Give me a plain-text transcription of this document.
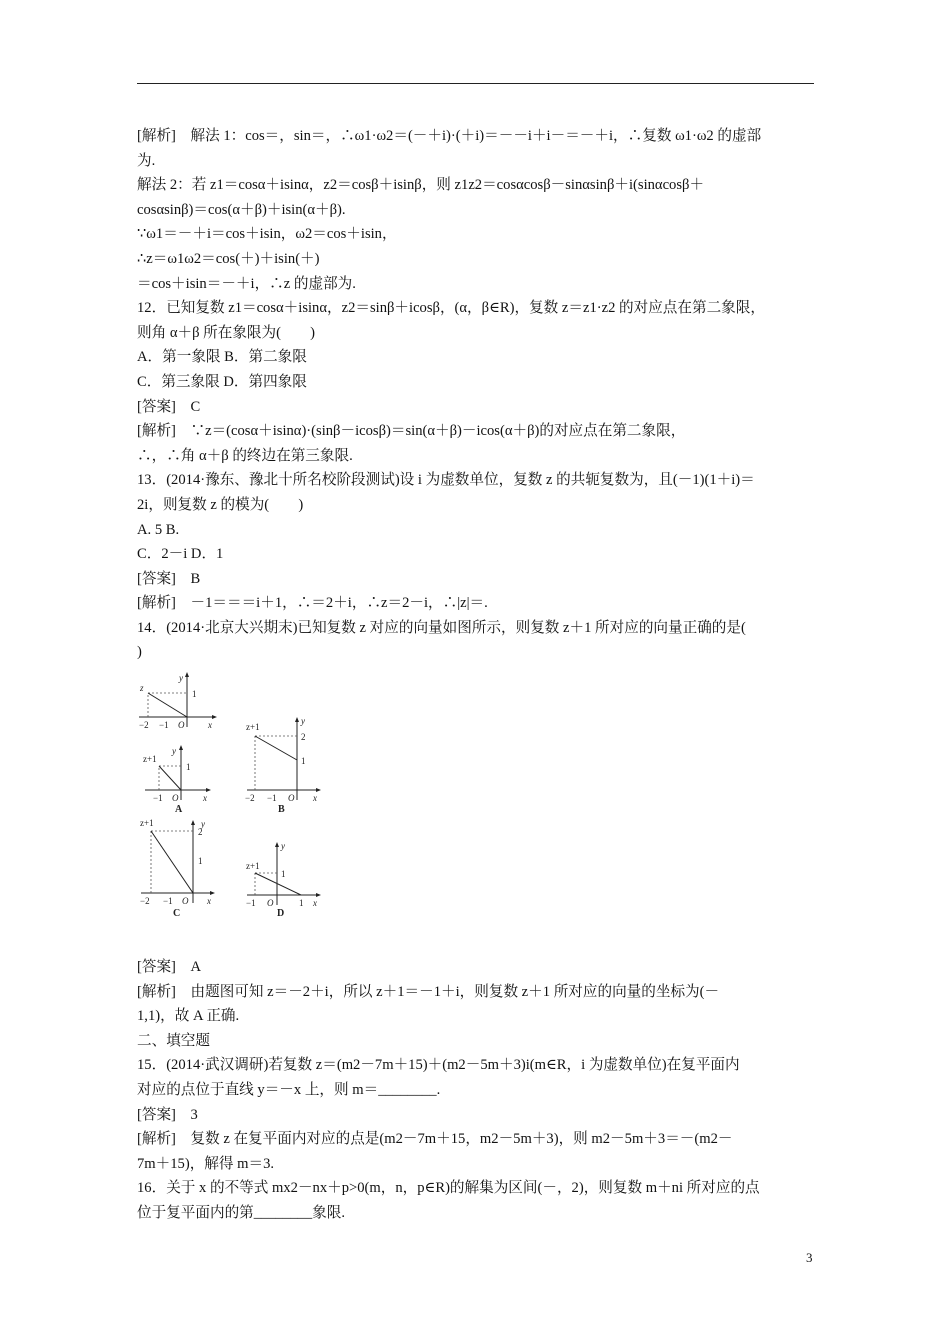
[解析]　解法 1：cos＝，sin＝，∴ω1·ω2＝(－＋i)·(＋i)＝－－i＋i－＝－＋i，∴复数 ω1·ω2 的虚部

为.

解法 2：若 z1＝cosα＋isinα，z2＝cosβ＋isinβ，则 z1z2＝cosαcosβ－sinαsinβ＋i(sinαcosβ＋

cosαsinβ)＝cos(α＋β)＋isin(α＋β).

∵ω1＝－＋i＝cos＋isin，ω2＝cos＋isin，

∴z＝ω1ω2＝cos(＋)＋isin(＋)

＝cos＋isin＝－＋i，∴z 的虚部为.

12．已知复数 z1＝cosα＋isinα，z2＝sinβ＋icosβ，(α，β∈R)，复数 z＝z1·z2 的对应点在第二象限，

则角 α＋β 所在象限为(　　)

A．第一象限 B．第二象限

C．第三象限 D．第四象限

[答案]　C

[解析]　∵z＝(cosα＋isinα)·(sinβ－icosβ)＝sin(α＋β)－icos(α＋β)的对应点在第二象限，

∴，∴角 α＋β 的终边在第三象限.

13．(2014·豫东、豫北十所名校阶段测试)设 i 为虚数单位，复数 z 的共轭复数为，且(－1)(1＋i)＝

2i，则复数 z 的模为(　　)

A. 5 B.

C．2－i D．1

[答案]　B

[解析]　－1＝＝＝i＋1，∴＝2＋i，∴z＝2－i，∴|z|＝.

14．(2014·北京大兴期末)已知复数 z 对应的向量如图所示，则复数 z＋1 所对应的向量正确的是(

)

z
y
1
x
−2 −1 O
z+1
y
1
x
−1 O
A
z+1
y
2
1
x
−2 −1 O
B
z+1	y
2
1
x
−2 −1 O
C
z+1
y
1
x
−1 O	1
D

[答案]　A

[解析]　由题图可知 z＝－2＋i，所以 z＋1＝－1＋i，则复数 z＋1 所对应的向量的坐标为(－

1,1)，故 A 正确.

二、填空题

15．(2014·武汉调研)若复数 z＝(m2－7m＋15)＋(m2－5m＋3)i(m∈R，i 为虚数单位)在复平面内

对应的点位于直线 y＝－x 上，则 m＝________.

[答案]　3

[解析]　复数 z 在复平面内对应的点是(m2－7m＋15，m2－5m＋3)，则 m2－5m＋3＝－(m2－

7m＋15)，解得 m＝3.

16．关于 x 的不等式 mx2－nx＋p>0(m，n，p∈R)的解集为区间(－，2)，则复数 m＋ni 所对应的点

位于复平面内的第________象限.

3
